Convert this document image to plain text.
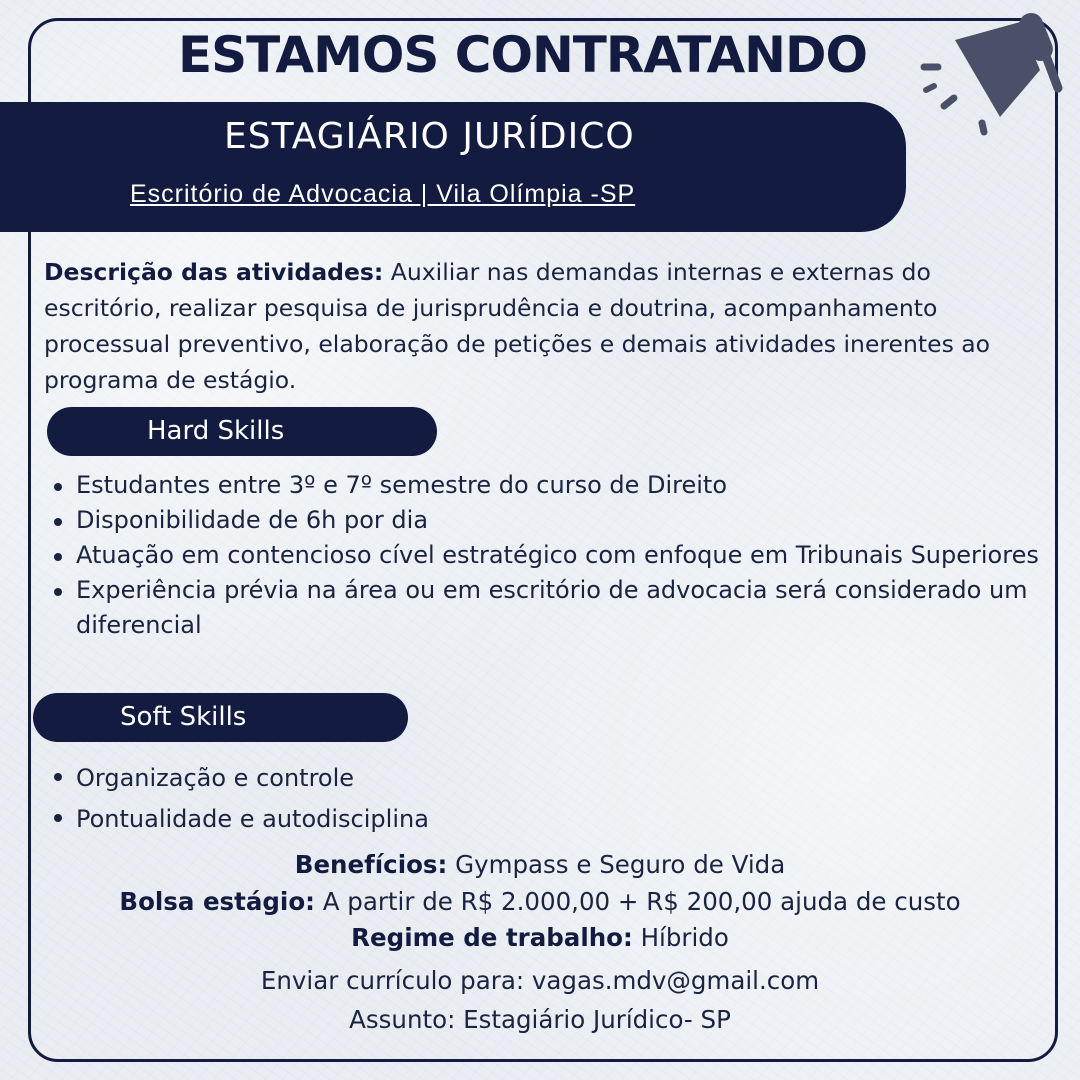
ESTAMOS CONTRATANDO
ESTAGIÁRIO JURÍDICO
Escritório de Advocacia | Vila Olímpia -SP

Descrição das atividades: Auxiliar nas demandas internas e externas do escritório, realizar pesquisa de jurisprudência e doutrina, acompanhamento processual preventivo, elaboração de petições e demais atividades inerentes ao programa de estágio.

Hard Skills
Estudantes entre 3º e 7º semestre do curso de Direito
Disponibilidade de 6h por dia
Atuação em contencioso cível estratégico com enfoque em Tribunais Superiores
Experiência prévia na área ou em escritório de advocacia será considerado um diferencial
Soft Skills
Organização e controle
Pontualidade e autodisciplina
Benefícios: Gympass e Seguro de Vida
Bolsa estágio: A partir de R$ 2.000,00 + R$ 200,00 ajuda de custo
Regime de trabalho: Híbrido
Enviar currículo para: vagas.mdv@gmail.com
Assunto: Estagiário Jurídico- SP
